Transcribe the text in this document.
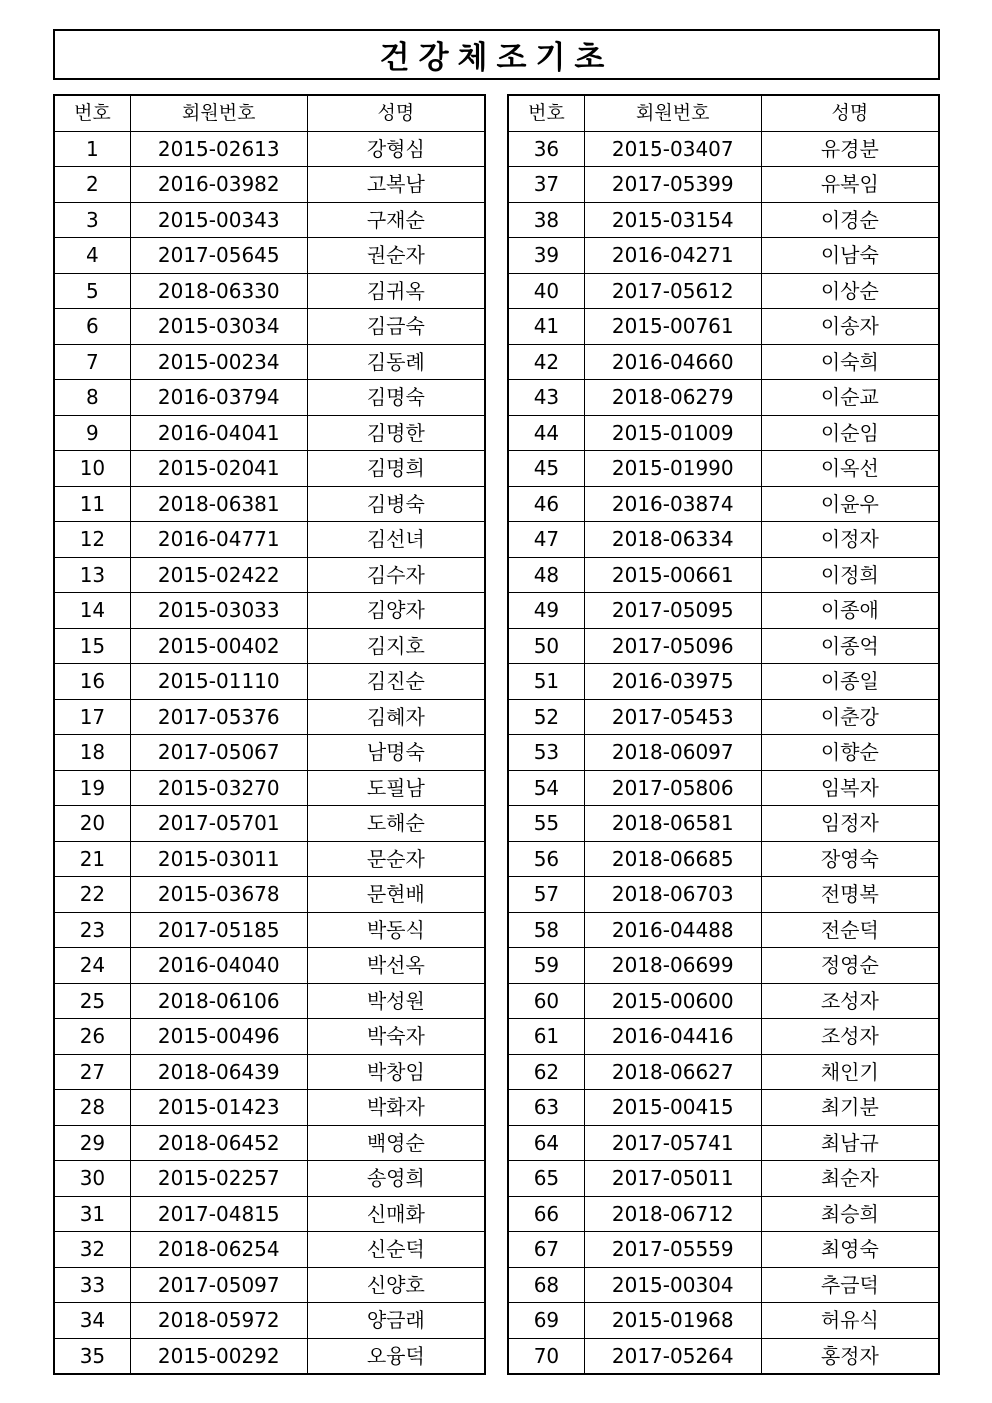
건강체조기초
번호	회원번호	성명
1	2015-02613	강형심
2	2016-03982	고복남
3	2015-00343	구재순
4	2017-05645	권순자
5	2018-06330	김귀옥
6	2015-03034	김금숙
7	2015-00234	김동례
8	2016-03794	김명숙
9	2016-04041	김명한
10	2015-02041	김명희
11	2018-06381	김병숙
12	2016-04771	김선녀
13	2015-02422	김수자
14	2015-03033	김양자
15	2015-00402	김지호
16	2015-01110	김진순
17	2017-05376	김혜자
18	2017-05067	남명숙
19	2015-03270	도필남
20	2017-05701	도해순
21	2015-03011	문순자
22	2015-03678	문현배
23	2017-05185	박동식
24	2016-04040	박선옥
25	2018-06106	박성원
26	2015-00496	박숙자
27	2018-06439	박창임
28	2015-01423	박화자
29	2018-06452	백영순
30	2015-02257	송영희
31	2017-04815	신매화
32	2018-06254	신순덕
33	2017-05097	신양호
34	2018-05972	양금래
35	2015-00292	오융덕
번호	회원번호	성명
36	2015-03407	유경분
37	2017-05399	유복임
38	2015-03154	이경순
39	2016-04271	이남숙
40	2017-05612	이상순
41	2015-00761	이송자
42	2016-04660	이숙희
43	2018-06279	이순교
44	2015-01009	이순임
45	2015-01990	이옥선
46	2016-03874	이윤우
47	2018-06334	이정자
48	2015-00661	이정희
49	2017-05095	이종애
50	2017-05096	이종억
51	2016-03975	이종일
52	2017-05453	이춘강
53	2018-06097	이향순
54	2017-05806	임복자
55	2018-06581	임정자
56	2018-06685	장영숙
57	2018-06703	전명복
58	2016-04488	전순덕
59	2018-06699	정영순
60	2015-00600	조성자
61	2016-04416	조성자
62	2018-06627	채인기
63	2015-00415	최기분
64	2017-05741	최남규
65	2017-05011	최순자
66	2018-06712	최승희
67	2017-05559	최영숙
68	2015-00304	추금덕
69	2015-01968	허유식
70	2017-05264	홍정자
